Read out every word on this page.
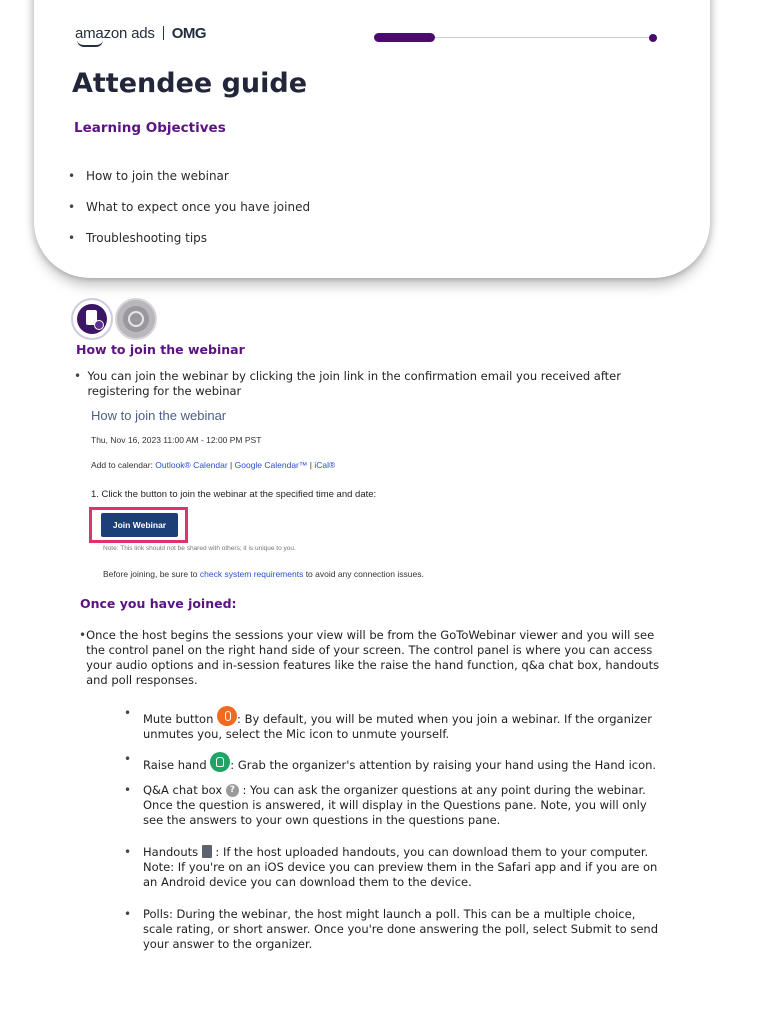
amazon ads OMG
Attendee guide
Learning Objectives
• How to join the webinar
• What to expect once you have joined
• Troubleshooting tips
How to join the webinar
• You can join the webinar by clicking the join link in the confirmation email you received after registering for the webinar
How to join the webinar
Thu, Nov 16, 2023 11:00 AM - 12:00 PM PST
Add to calendar: Outlook® Calendar | Google Calendar™ | iCal®
1. Click the button to join the webinar at the specified time and date:
Join Webinar
Note: This link should not be shared with others; it is unique to you.
Before joining, be sure to check system requirements to avoid any connection issues.
Once you have joined:
• Once the host begins the sessions your view will be from the GoToWebinar viewer and you will see the control panel on the right hand side of your screen. The control panel is where you can access your audio options and in-session features like the raise the hand function, q&a chat box, handouts and poll responses.
•	Mute button : By default, you will be muted when you join a webinar. If the organizer unmutes you, select the Mic icon to unmute yourself.
•	Raise hand : Grab the organizer's attention by raising your hand using the Hand icon.
•	Q&A chat box ? : You can ask the organizer questions at any point during the webinar. Once the question is answered, it will display in the Questions pane. Note, you will only see the answers to your own questions in the questions pane.
•	Handouts : If the host uploaded handouts, you can download them to your computer. Note: If you're on an iOS device you can preview them in the Safari app and if you are on an Android device you can download them to the device.
•	Polls: During the webinar, the host might launch a poll. This can be a multiple choice, scale rating, or short answer. Once you're done answering the poll, select Submit to send your answer to the organizer.
